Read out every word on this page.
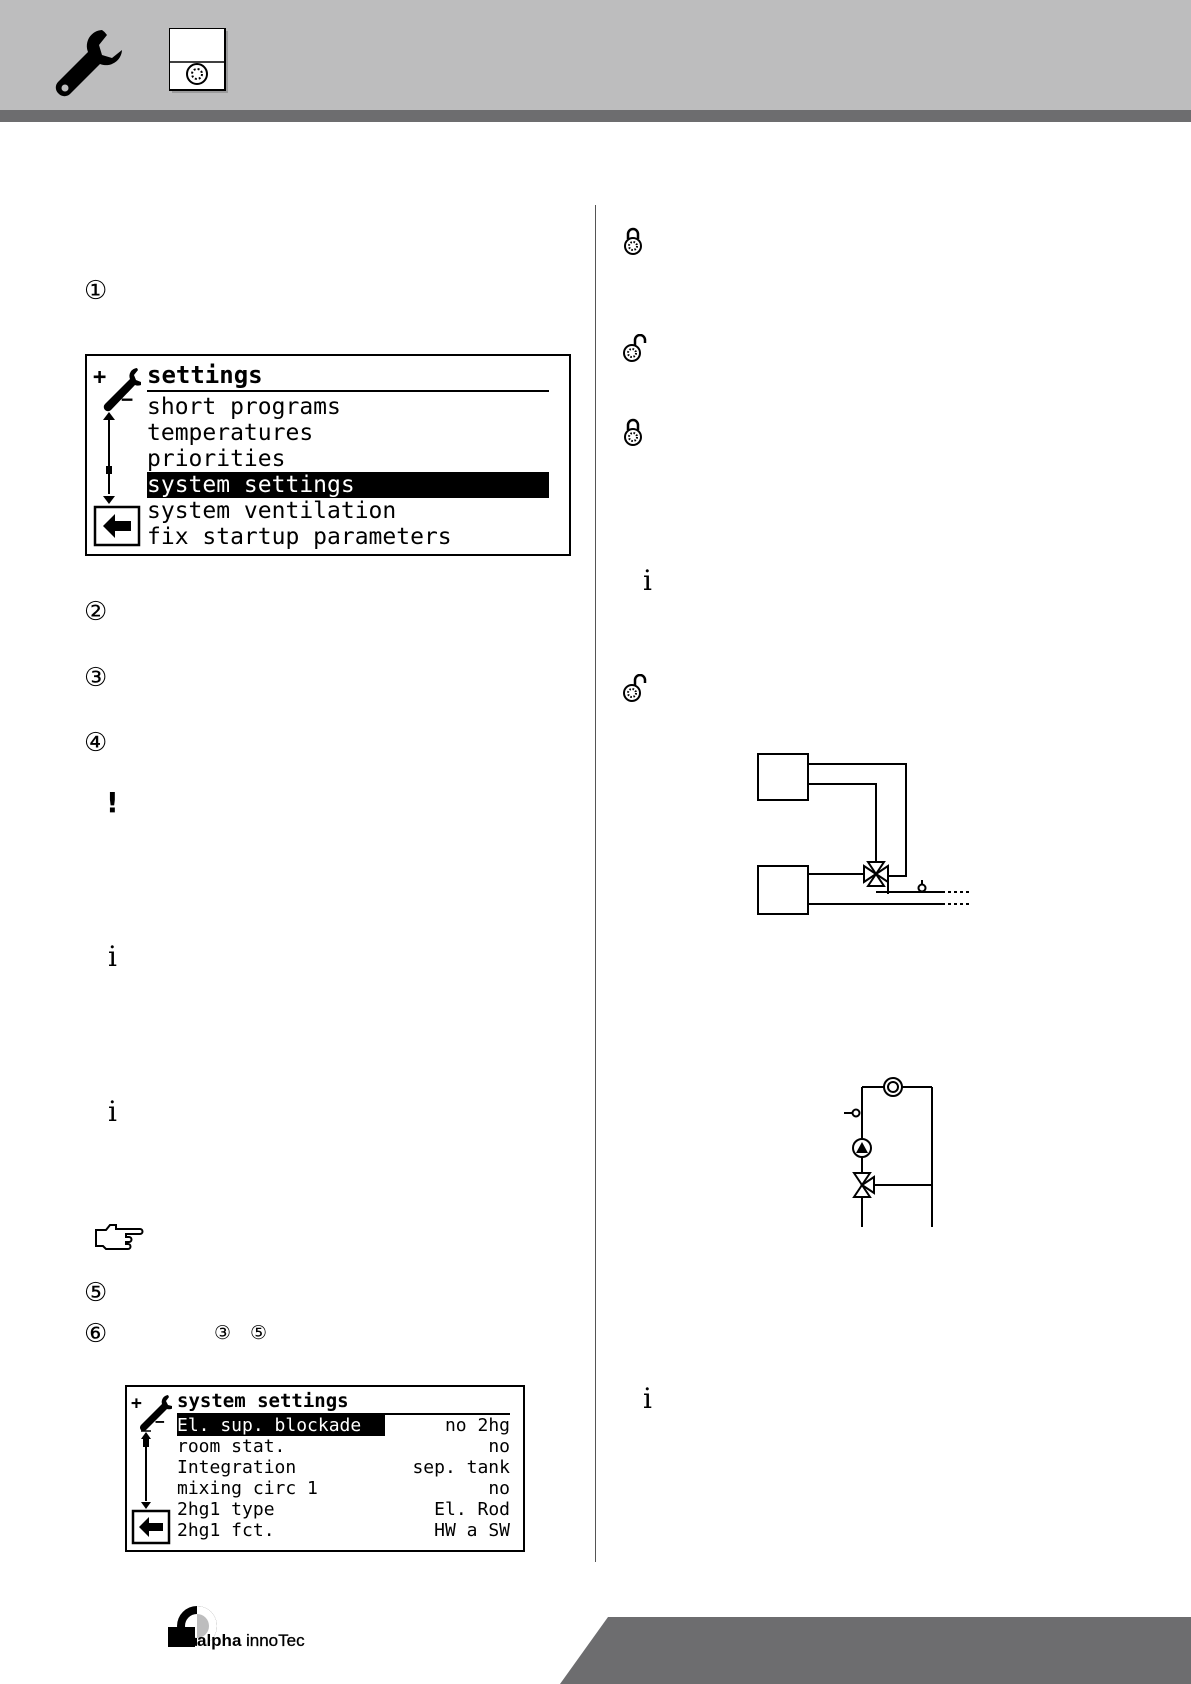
①
+
−
settings
short programs
temperatures
priorities
system settings
system ventilation
fix startup parameters
②
③
④
!
i
i
⑤
⑥	③ ⑤
+
−
system settings
El. sup. blockade	no 2hg
room stat.	no
Integration	sep. tank
mixing circ 1	no
2hg1 type	El. Rod
2hg1 fct.	HW a SW
i
i
alpha innoTec
